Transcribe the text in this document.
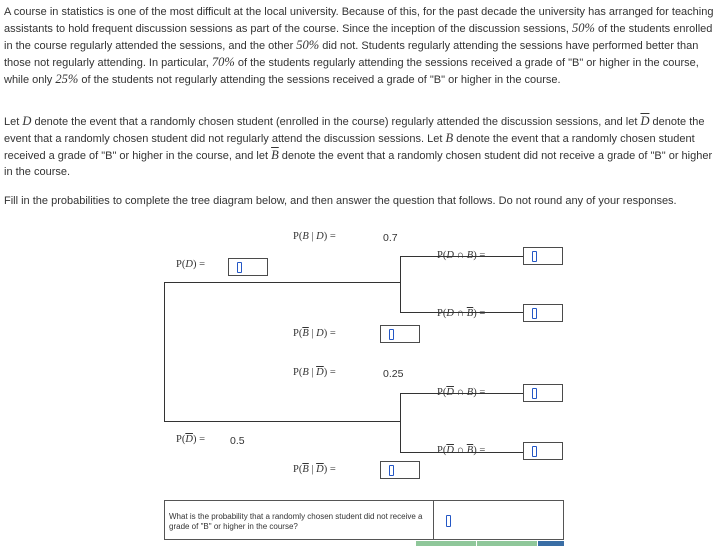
A course in statistics is one of the most difficult at the local university. Because of this, for the past decade the university has arranged for teaching assistants to hold frequent discussion sessions as part of the course. Since the inception of the discussion sessions, 50% of the students enrolled in the course regularly attended the sessions, and the other 50% did not. Students regularly attending the sessions have performed better than those not regularly attending. In particular, 70% of the students regularly attending the sessions received a grade of "B" or higher in the course, while only 25% of the students not regularly attending the sessions received a grade of "B" or higher in the course.
Let D denote the event that a randomly chosen student (enrolled in the course) regularly attended the discussion sessions, and let $\overline{D}$ denote the event that a randomly chosen student did not regularly attend the discussion sessions. Let B denote the event that a randomly chosen student received a grade of "B" or higher in the course, and let $\overline{B}$ denote the event that a randomly chosen student did not receive a grade of "B" or higher in the course.
Fill in the probabilities to complete the tree diagram below, and then answer the question that follows. Do not round any of your responses.
P(D) =
$P(\overline{D}) = 0.5$
P(B | D) =	0.7
$P(\overline{B}$ | D) =
P(B | $\overline{D}$) =	0.25
$P(\overline{B}$ | $\overline{D}$) =
P(D ∩ B) =
P(D ∩ $\overline{B}$) =
$P(\overline{D}$ ∩ B) =
$P(\overline{D}$ ∩ $\overline{B}$) =
What is the probability that a randomly chosen student did not receive a grade of "B" or higher in the course?
